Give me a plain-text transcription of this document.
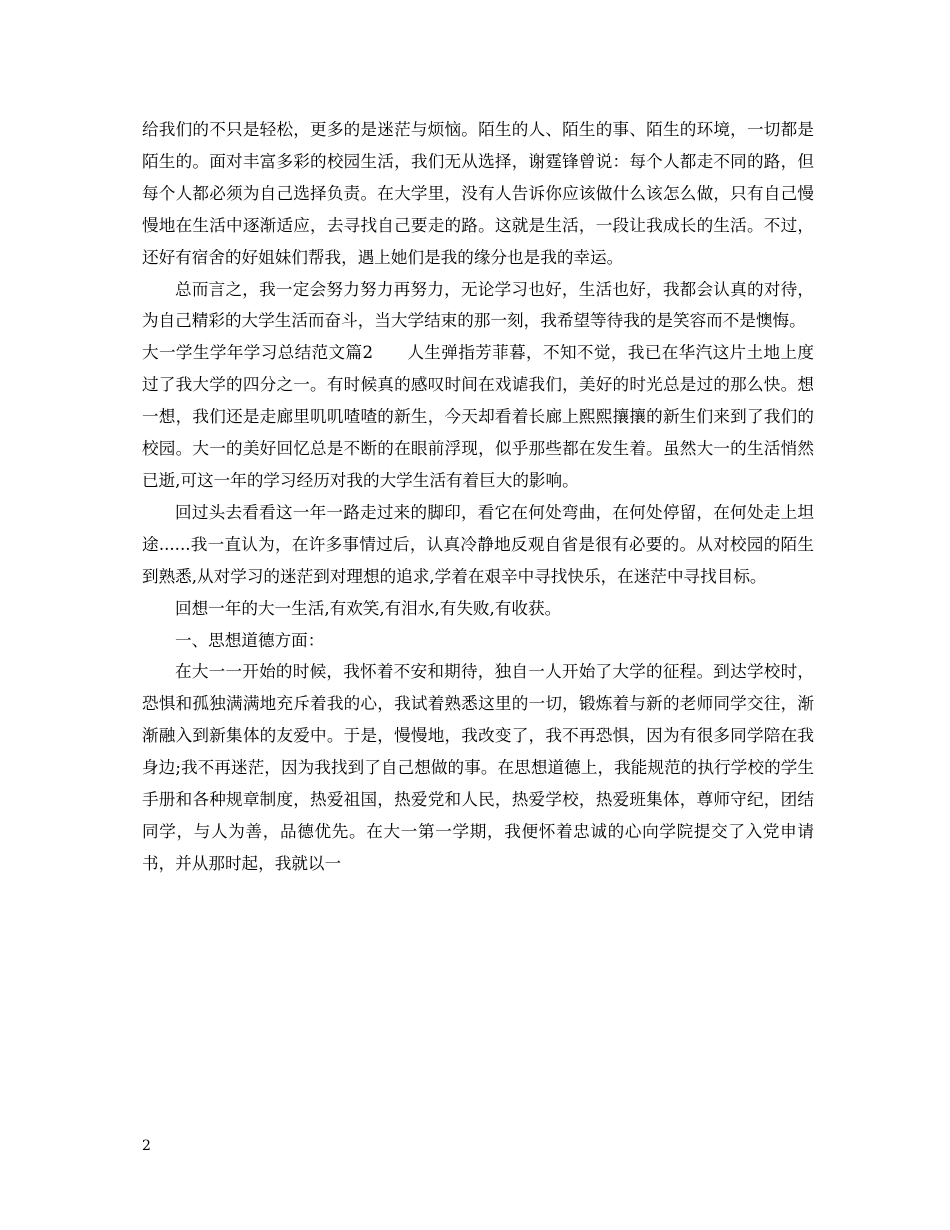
给我们的不只是轻松，更多的是迷茫与烦恼。陌生的人、陌生的事、陌生的环境，一切都是陌生的。面对丰富多彩的校园生活，我们无从选择，谢霆锋曾说：每个人都走不同的路，但每个人都必须为自己选择负责。在大学里，没有人告诉你应该做什么该怎么做，只有自己慢慢地在生活中逐渐适应，去寻找自己要走的路。这就是生活，一段让我成长的生活。不过，还好有宿舍的好姐妹们帮我，遇上她们是我的缘分也是我的幸运。

总而言之，我一定会努力努力再努力，无论学习也好，生活也好，我都会认真的对待，为自己精彩的大学生活而奋斗，当大学结束的那一刻，我希望等待我的是笑容而不是懊悔。

大一学生学年学习总结范文篇2　　人生弹指芳菲暮，不知不觉，我已在华汽这片土地上度过了我大学的四分之一。有时候真的感叹时间在戏谑我们，美好的时光总是过的那么快。想一想，我们还是走廊里叽叽喳喳的新生，今天却看着长廊上熙熙攘攘的新生们来到了我们的校园。大一的美好回忆总是不断的在眼前浮现，似乎那些都在发生着。虽然大一的生活悄然已逝,可这一年的学习经历对我的大学生活有着巨大的影响。

回过头去看看这一年一路走过来的脚印，看它在何处弯曲，在何处停留，在何处走上坦途......我一直认为，在许多事情过后，认真冷静地反观自省是很有必要的。从对校园的陌生到熟悉,从对学习的迷茫到对理想的追求,学着在艰辛中寻找快乐，在迷茫中寻找目标。

回想一年的大一生活,有欢笑,有泪水,有失败,有收获。

一、思想道德方面：

在大一一开始的时候，我怀着不安和期待，独自一人开始了大学的征程。到达学校时，恐惧和孤独满满地充斥着我的心，我试着熟悉这里的一切，锻炼着与新的老师同学交往，渐渐融入到新集体的友爱中。于是，慢慢地，我改变了，我不再恐惧，因为有很多同学陪在我身边;我不再迷茫，因为我找到了自己想做的事。在思想道德上，我能规范的执行学校的学生手册和各种规章制度，热爱祖国，热爱党和人民，热爱学校，热爱班集体，尊师守纪，团结同学，与人为善，品德优先。在大一第一学期，我便怀着忠诚的心向学院提交了入党申请书，并从那时起，我就以一

2
